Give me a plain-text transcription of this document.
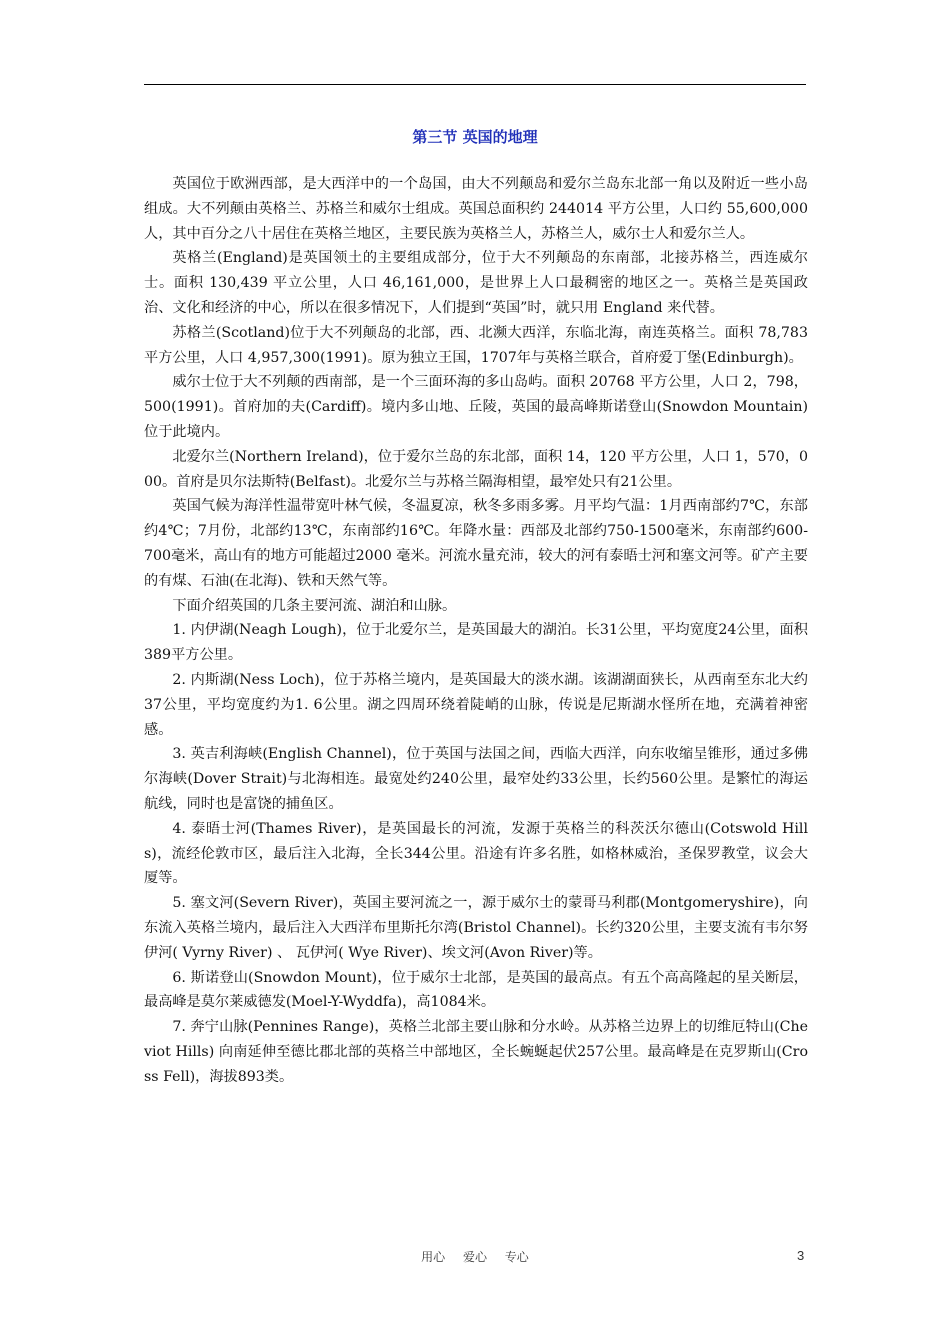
第三节 英国的地理

英国位于欧洲西部，是大西洋中的一个岛国，由大不列颠岛和爱尔兰岛东北部一角以及附近一些小岛组成。大不列颠由英格兰、苏格兰和威尔士组成。英国总面积约 244014 平方公里，人口约 55,600,000 人，其中百分之八十居住在英格兰地区，主要民族为英格兰人，苏格兰人，威尔士人和爱尔兰人。

英格兰(England)是英国领土的主要组成部分，位于大不列颠岛的东南部，北接苏格兰，西连威尔士。面积 130,439 平立公里，人口 46,161,000，是世界上人口最稠密的地区之一。英格兰是英国政治、文化和经济的中心，所以在很多情况下，人们提到“英国”时，就只用 England 来代替。

苏格兰(Scotland)位于大不列颠岛的北部，西、北濒大西洋，东临北海，南连英格兰。面积 78,783 平方公里，人口 4,957,300(1991)。原为独立王国，1707年与英格兰联合，首府爱丁堡(Edinburgh)。

威尔士位于大不列颠的西南部，是一个三面环海的多山岛屿。面积 20768 平方公里，人口 2，798，500(1991)。首府加的夫(Cardiff)。境内多山地、丘陵，英国的最高峰斯诺登山(Snowdon Mountain)位于此境内。

北爱尔兰(Northern Ireland)，位于爱尔兰岛的东北部，面积 14，120 平方公里，人口 1，570，000。首府是贝尔法斯特(Belfast)。北爱尔兰与苏格兰隔海相望，最窄处只有21公里。

英国气候为海洋性温带宽叶林气候，冬温夏凉，秋冬多雨多雾。月平均气温：1月西南部约7℃，东部约4℃；7月份，北部约13℃，东南部约16℃。年降水量：西部及北部约750-1500毫米，东南部约600-700毫米，高山有的地方可能超过2000 毫米。河流水量充沛，较大的河有泰晤士河和塞文河等。矿产主要的有煤、石油(在北海)、铁和天然气等。

下面介绍英国的几条主要河流、湖泊和山脉。

1. 内伊湖(Neagh Lough)，位于北爱尔兰，是英国最大的湖泊。长31公里，平均宽度24公里，面积389平方公里。

2. 内斯湖(Ness Loch)，位于苏格兰境内，是英国最大的淡水湖。该湖湖面狭长，从西南至东北大约37公里，平均宽度约为1. 6公里。湖之四周环绕着陡峭的山脉，传说是尼斯湖水怪所在地，充满着神密感。

3. 英吉利海峡(English Channel)，位于英国与法国之间，西临大西洋，向东收缩呈锥形，通过多佛尔海峡(Dover Strait)与北海相连。最宽处约240公里，最窄处约33公里，长约560公里。是繁忙的海运航线，同时也是富饶的捕鱼区。

4. 泰晤士河(Thames River)，是英国最长的河流，发源于英格兰的科茨沃尔德山(Cotswold Hills)，流经伦敦市区，最后注入北海，全长344公里。沿途有许多名胜，如格林威治，圣保罗教堂，议会大厦等。

5. 塞文河(Severn River)，英国主要河流之一，源于威尔士的蒙哥马利郡(Montgomeryshire)，向东流入英格兰境内，最后注入大西洋布里斯托尔湾(Bristol Channel)。长约320公里，主要支流有韦尔努伊河( Vyrny River) 、 瓦伊河( Wye River)、埃文河(Avon River)等。

6. 斯诺登山(Snowdon Mount)，位于威尔士北部，是英国的最高点。有五个高高隆起的星关断层，最高峰是莫尔莱威德发(Moel-Y-Wyddfa)，高1084米。

7. 奔宁山脉(Pennines Range)，英格兰北部主要山脉和分水岭。从苏格兰边界上的切维厄特山(Cheviot Hills) 向南延伸至德比郡北部的英格兰中部地区，全长蜿蜒起伏257公里。最高峰是在克罗斯山(Cross Fell)，海拔893类。

用心 爱心 专心	3
